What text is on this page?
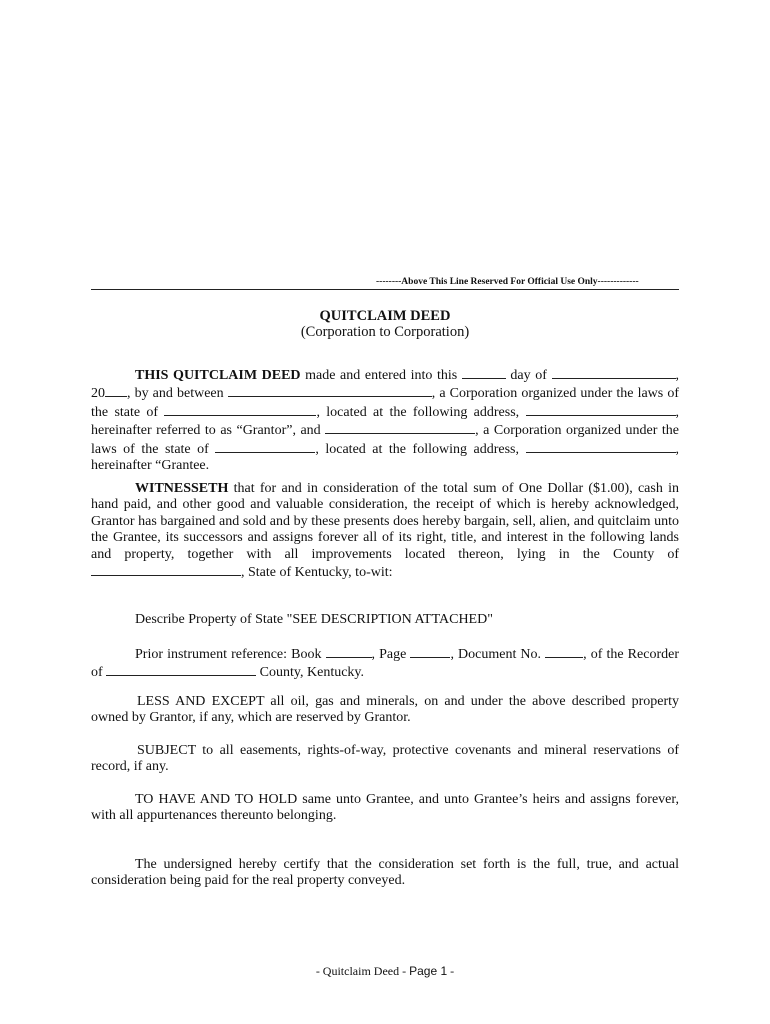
--------Above This Line Reserved For Official Use Only-------------
QUITCLAIM DEED
(Corporation to Corporation)
THIS QUITCLAIM DEED made and entered into this	day of	, 20 , by and between	, a Corporation organized under the laws of the state of	, located at the following address,	, hereinafter referred to as “Grantor”, and	, a Corporation organized under the laws of the state of	, located at the following address,	, hereinafter “Grantee.
WITNESSETH that for and in consideration of the total sum of One Dollar ($1.00), cash in hand paid, and other good and valuable consideration, the receipt of which is hereby acknowledged, Grantor has bargained and sold and by these presents does hereby bargain, sell, alien, and quitclaim unto the Grantee, its successors and assigns forever all of its right, title, and interest in the following lands and property, together with all improvements located thereon, lying in the County of , State of Kentucky, to-wit:
Describe Property of State "SEE DESCRIPTION ATTACHED"
Prior instrument reference: Book	, Page	, Document No.	, of the Recorder of	County, Kentucky.
LESS AND EXCEPT all oil, gas and minerals, on and under the above described property owned by Grantor, if any, which are reserved by Grantor.
SUBJECT to all easements, rights-of-way, protective covenants and mineral reservations of record, if any.
TO HAVE AND TO HOLD same unto Grantee, and unto Grantee’s heirs and assigns forever, with all appurtenances thereunto belonging.
The undersigned hereby certify that the consideration set forth is the full, true, and actual consideration being paid for the real property conveyed.
- Quitclaim Deed - Page 1 -
